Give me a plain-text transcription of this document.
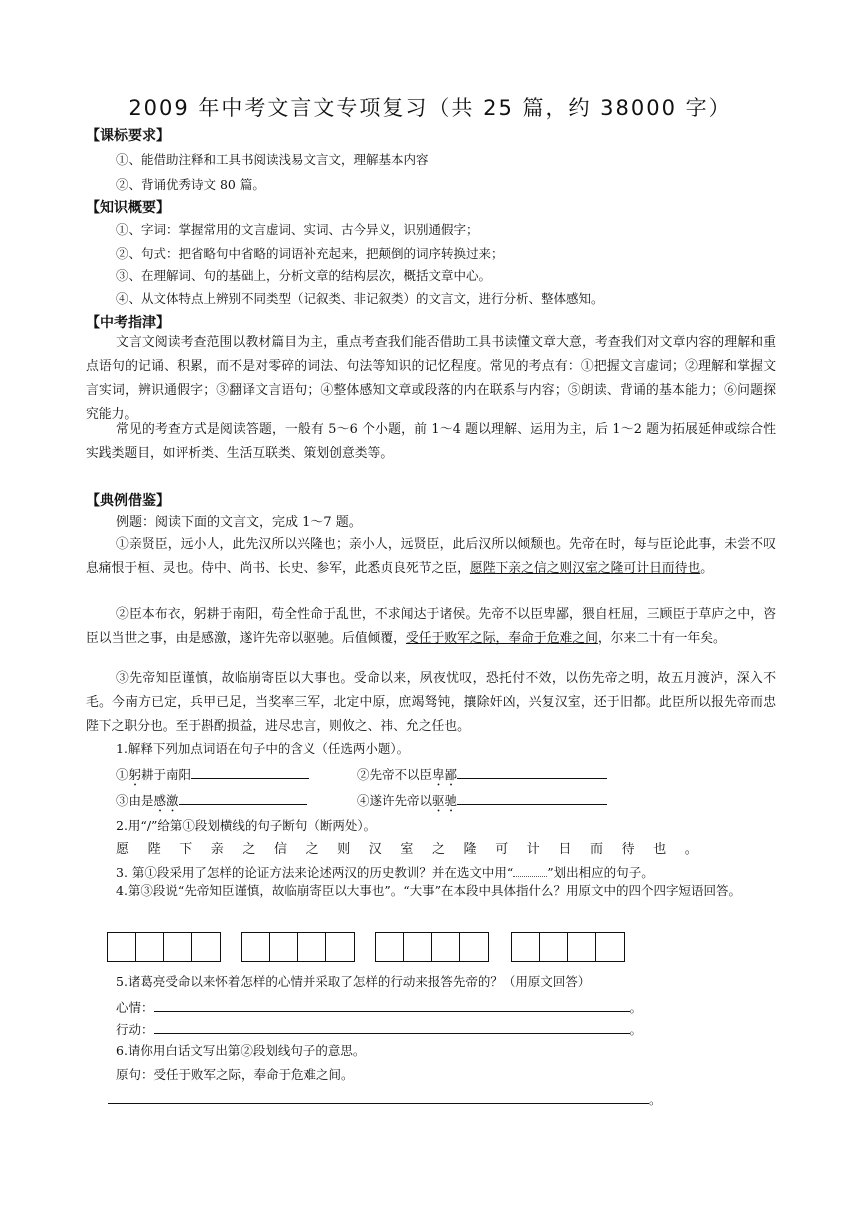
2009 年中考文言文专项复习（共 25 篇，约 38000 字）
【课标要求】
①、能借助注释和工具书阅读浅易文言文，理解基本内容
②、背诵优秀诗文 80 篇。
【知识概要】
①、字词：掌握常用的文言虚词、实词、古今异义，识别通假字；
②、句式：把省略句中省略的词语补充起来，把颠倒的词序转换过来；
③、在理解词、句的基础上，分析文章的结构层次，概括文章中心。
④、从文体特点上辨别不同类型（记叙类、非记叙类）的文言文，进行分析、整体感知。
【中考指津】

文言文阅读考查范围以教材篇目为主，重点考查我们能否借助工具书读懂文章大意，考查我们对文章内容的理解和重点语句的记诵、积累，而不是对零碎的词法、句法等知识的记忆程度。常见的考点有：①把握文言虚词；②理解和掌握文言实词，辨识通假字；③翻译文言语句；④整体感知文章或段落的内在联系与内容；⑤朗读、背诵的基本能力；⑥问题探究能力。

常见的考查方式是阅读答题，一般有 5～6 个小题，前 1～4 题以理解、运用为主，后 1～2 题为拓展延伸或综合性实践类题目，如评析类、生活互联类、策划创意类等。

【典例借鉴】
例题：阅读下面的文言文，完成 1～7 题。

①亲贤臣，远小人，此先汉所以兴隆也；亲小人，远贤臣，此后汉所以倾颓也。先帝在时，每与臣论此事，未尝不叹息痛恨于桓、灵也。侍中、尚书、长史、参军，此悉贞良死节之臣，愿陛下亲之信之则汉室之隆可计日而待也。

②臣本布衣，躬耕于南阳，苟全性命于乱世，不求闻达于诸侯。先帝不以臣卑鄙，猥自枉屈，三顾臣于草庐之中，咨臣以当世之事，由是感激，遂许先帝以驱驰。后值倾覆，受任于败军之际，奉命于危难之间，尔来二十有一年矣。

③先帝知臣谨慎，故临崩寄臣以大事也。受命以来，夙夜忧叹，恐托付不效，以伤先帝之明，故五月渡泸，深入不毛。今南方已定，兵甲已足，当奖率三军，北定中原，庶竭驽钝，攘除奸凶，兴复汉室，还于旧都。此臣所以报先帝而忠陛下之职分也。至于斟酌损益，进尽忠言，则攸之、祎、允之任也。

1.解释下列加点词语在句子中的含义（任选两小题）。
①躬耕于南阳	②先帝不以臣卑鄙
③由是感激	④遂许先帝以驱驰
2.用“/”给第①段划横线的句子断句（断两处）。
愿陛下亲之信之则汉室之隆可计日而待也。
3. 第①段采用了怎样的论证方法来论述两汉的历史教训？并在选文中用“	”划出相应的句子。

4.第③段说“先帝知臣谨慎，故临崩寄臣以大事也”。“大事”在本段中具体指什么？用原文中的四个四字短语回答。

5.诸葛亮受命以来怀着怎样的心情并采取了怎样的行动来报答先帝的？（用原文回答）
心情：	。
行动：	。
6.请你用白话文写出第②段划线句子的意思。
原句：受任于败军之际，奉命于危难之间。
。
